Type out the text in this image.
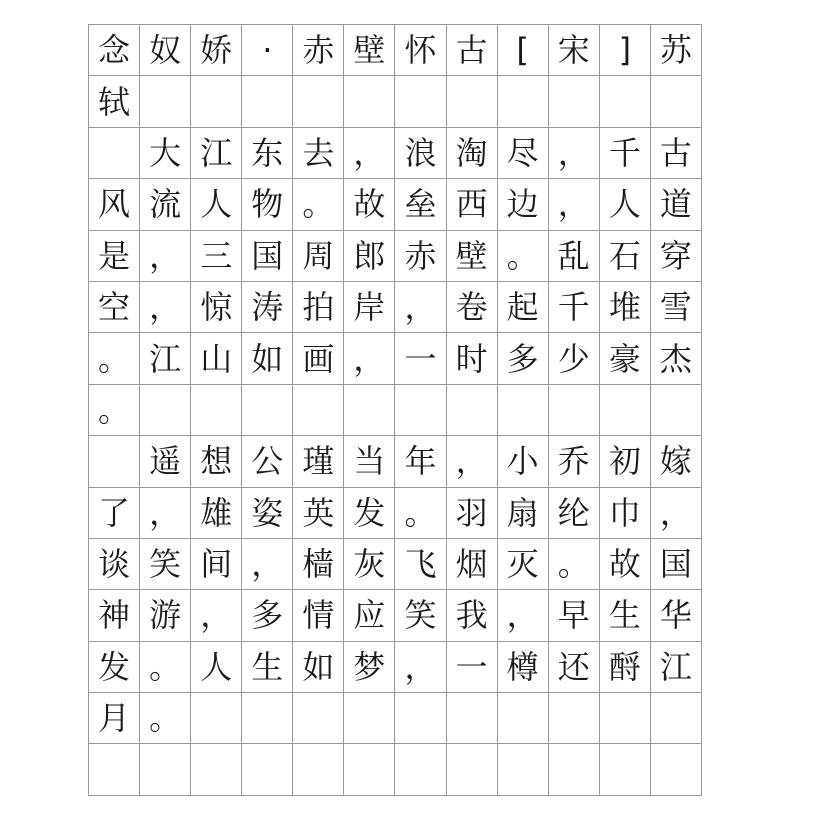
念 奴 娇 · 赤 壁 怀 古 [ 宋 ] 苏
轼
大 江 东 去 ， 浪 淘 尽 ， 千 古
风 流 人 物 。 故 垒 西 边 ， 人 道
是 ， 三 国 周 郎 赤 壁 。 乱 石 穿
空 ， 惊 涛 拍 岸 ， 卷 起 千 堆 雪
。 江 山 如 画 ， 一 时 多 少 豪 杰
。
遥 想 公 瑾 当 年 ， 小 乔 初 嫁
了 ， 雄 姿 英 发 。 羽 扇 纶 巾 ，
谈 笑 间 ， 樯 灰 飞 烟 灭 。 故 国
神 游 ， 多 情 应 笑 我 ， 早 生 华
发 。 人 生 如 梦 ， 一 樽 还 酹 江
月 。
